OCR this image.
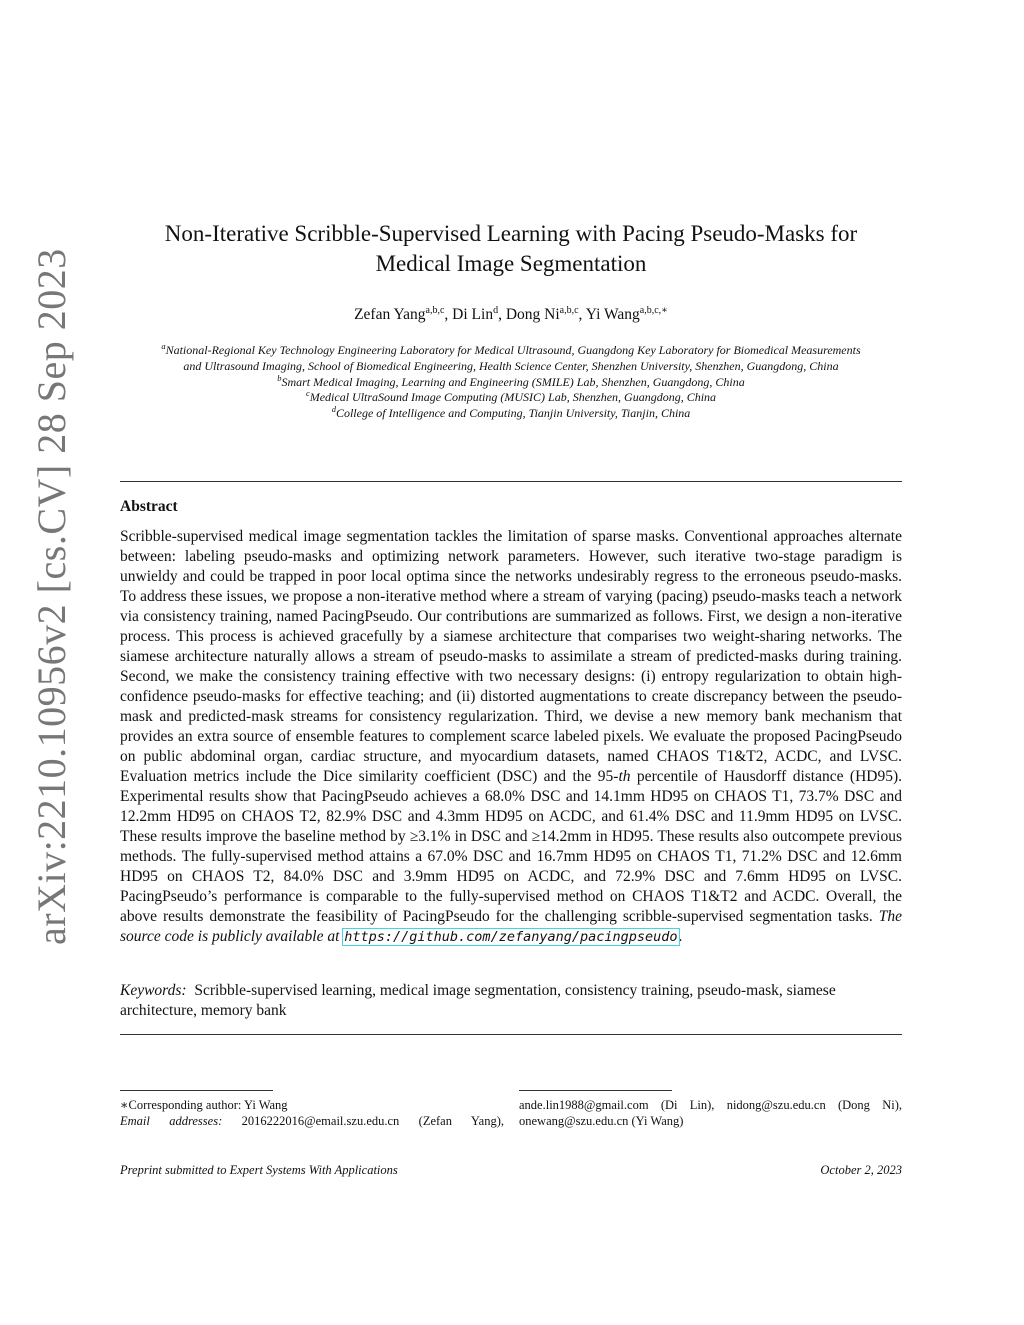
arXiv:2210.10956v2 [cs.CV] 28 Sep 2023
Non-Iterative Scribble-Supervised Learning with Pacing Pseudo-Masks for
Medical Image Segmentation
Zefan Yang$^{a,b,c}$, Di Lin$^d$, Dong Ni$^{a,b,c}$, Yi Wang$^{a,b,c,∗}$
$^a$National-Regional Key Technology Engineering Laboratory for Medical Ultrasound, Guangdong Key Laboratory for Biomedical Measurements
and Ultrasound Imaging, School of Biomedical Engineering, Health Science Center, Shenzhen University, Shenzhen, Guangdong, China
$^b$Smart Medical Imaging, Learning and Engineering (SMILE) Lab, Shenzhen, Guangdong, China
$^c$Medical UltraSound Image Computing (MUSIC) Lab, Shenzhen, Guangdong, China
$^d$College of Intelligence and Computing, Tianjin University, Tianjin, China
Abstract
Scribble-supervised medical image segmentation tackles the limitation of sparse masks. Conventional approaches alternate between: labeling pseudo-masks and optimizing network parameters. However, such iterative two-stage paradigm is unwieldy and could be trapped in poor local optima since the networks undesirably regress to the erroneous pseudo-masks. To address these issues, we propose a non-iterative method where a stream of varying (pacing) pseudo-masks teach a network via consistency training, named PacingPseudo. Our contributions are summarized as follows. First, we design a non-iterative process. This process is achieved gracefully by a siamese architecture that comparises two weight-sharing networks. The siamese architecture naturally allows a stream of pseudo-masks to assimilate a stream of predicted-masks during training. Second, we make the consistency training effective with two necessary designs: (i) entropy regularization to obtain high-confidence pseudo-masks for effective teaching; and (ii) distorted augmentations to create discrepancy between the pseudo-mask and predicted-mask streams for consistency regularization. Third, we devise a new memory bank mechanism that provides an extra source of ensemble features to complement scarce labeled pixels. We evaluate the proposed PacingPseudo on public abdominal organ, cardiac structure, and myocardium datasets, named CHAOS T1&T2, ACDC, and LVSC. Evaluation metrics include the Dice similarity coefficient (DSC) and the 95-th percentile of Hausdorff distance (HD95). Experimental results show that PacingPseudo achieves a 68.0% DSC and 14.1mm HD95 on CHAOS T1, 73.7% DSC and 12.2mm HD95 on CHAOS T2, 82.9% DSC and 4.3mm HD95 on ACDC, and 61.4% DSC and 11.9mm HD95 on LVSC. These results improve the baseline method by ≥3.1% in DSC and ≥14.2mm in HD95. These results also outcompete previous methods. The fully-supervised method attains a 67.0% DSC and 16.7mm HD95 on CHAOS T1, 71.2% DSC and 12.6mm HD95 on CHAOS T2, 84.0% DSC and 3.9mm HD95 on ACDC, and 72.9% DSC and 7.6mm HD95 on LVSC. PacingPseudo’s performance is comparable to the fully-supervised method on CHAOS T1&T2 and ACDC. Overall, the above results demonstrate the feasibility of PacingPseudo for the challenging scribble-supervised segmentation tasks. The source code is publicly available at https://github.com/zefanyang/pacingpseudo.
Keywords: Scribble-supervised learning, medical image segmentation, consistency training, pseudo-mask, siamese architecture, memory bank
∗Corresponding author: Yi Wang
Email addresses: 2016222016@email.szu.edu.cn (Zefan Yang),
ande.lin1988@gmail.com (Di Lin), nidong@szu.edu.cn (Dong Ni),
onewang@szu.edu.cn (Yi Wang)
Preprint submitted to Expert Systems With Applications	October 2, 2023
